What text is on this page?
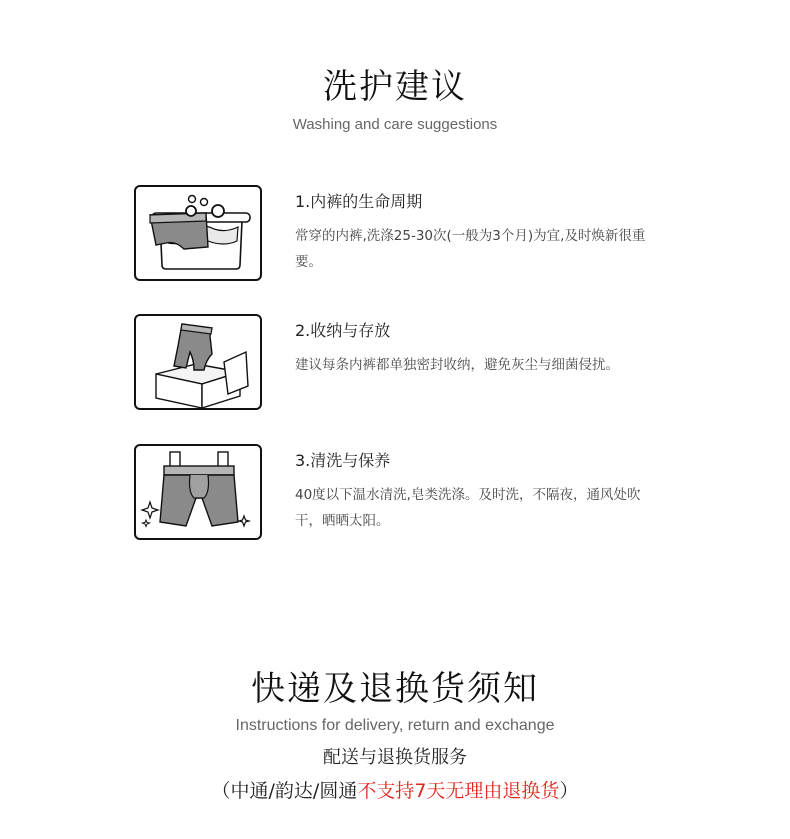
洗护建议
Washing and care suggestions
1.内裤的生命周期
常穿的内裤,洗涤25-30次(一般为3个月)为宜,及时焕新很重要。
2.收纳与存放
建议每条内裤都单独密封收纳，避免灰尘与细菌侵扰。
3.清洗与保养
40度以下温水清洗,皂类洗涤。及时洗，不隔夜，通风处吹干，晒晒太阳。
快递及退换货须知
Instructions for delivery, return and exchange
配送与退换货服务
（中通/韵达/圆通不支持7天无理由退换货）
